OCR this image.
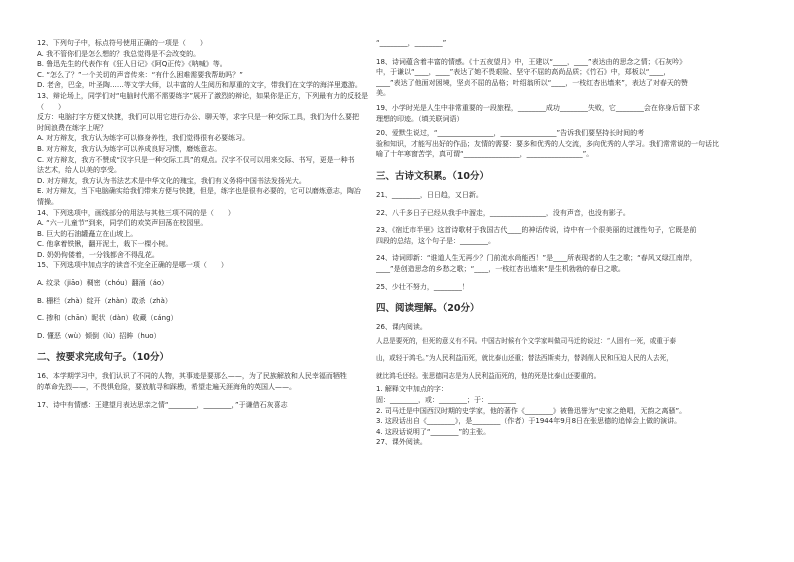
12、下列句子中，标点符号使用正确的一项是（　　）
A. 我不管你们是怎么想的？我总觉得是不会改变的。
B. 鲁迅先生的代表作有《狂人日记》《阿Q正传》《呐喊》等。
C. “怎么了？”一个关切的声音传来：“有什么困难需要我帮助吗？”
D. 老舍，巴金，叶圣陶……等文学大师，以丰富的人生阅历和厚重的文字，带我们在文学的海洋里遨游。
13、辩论场上，同学们对“电脑时代需不需要练字”展开了激烈的辩论，如果你是正方，下列最有力的反驳是
（　　）
反方：电脑打字方便又快捷，我们可以用它进行办公、聊天等，求字只是一种交际工具，我们为什么要把
时间浪费在练字上呢？
A. 对方辩友，我方认为练字可以修身养性，我们觉得很有必要练习。
B. 对方辩友，我方认为练字可以养成良好习惯，磨炼意志。
C. 对方辩友，我方不赞成“汉字只是一种交际工具”的观点。汉字不仅可以用来交际、书写，更是一种书
法艺术，给人以美的享受。
D. 对方辩友，我方认为书法艺术是中华文化的瑰宝，我们有义务将中国书法发扬光大。
E. 对方辩友，当下电脑确实给我们带来方便与快捷，但是，练字也是很有必要的，它可以磨炼意志，陶冶
情操。
14、下列选项中，画线部分的用法与其他三项不同的是（　　）
A. “六一儿童节”到来，同学们的欢笑声回荡在校园里。
B. 巨大的石油罐矗立在山坡上。
C. 他拿着铁锹，翻开泥土，栽下一棵小树。
D. 奶奶佝偻着，一分钱都舍不得乱花。
15、下列选项中加点字的读音不完全正确的是哪一项（　　）
A. 纹录（jiāo）稠密（chóu）翻涌（áo）
B. 栅栏（zhà）绽开（zhàn）敢杀（zhà）
C. 掺和（chān）昵状（dàn）收藏（cáng）
D. 懂恶（wù）倾倒（lù）招眸（huo）
二、按要求完成句子。（10分）
16、本学期学习中，我们认识了不同的人物，其事迹是要那么——，为了民族解放和人民幸福而牺牲
的革命先烈——，不畏惧危险，要放航寻和踩勘，希望走遍天涯海角的英国人——。
17、诗中有情感：王建望月表达思亲之情“________，________，”于谦借石灰喜志
“________，________”
18、诗词蕴含着丰富的情感。《十五夜望月》中，王建以“____，____”表达由的思念之情；《石灰吟》
中，于谦以“____，____”表达了她不畏艰险、坚守不屈的高尚品质；《竹石》中，郑板以“____，
____”表达了他面对困境，坚贞不屈的品格；叶绍翁所以“____，一枝红杏出墙来”，表达了对春天的赞
美。
19、小学时光是人生中非常重要的一段旅程，________成功________失败，它________会在你身后留下求
理想的印迹。（填关联词语）
20、爱默生说过，“________________，________________”告诉我们要坚持长时间的考
验和知识，才能写出好的作品；友情的需要：要多和优秀的人交流，多向优秀的人学习。我们常常说的一句话比
喻了十年寒窗苦学，真可谓“________________，________________”。
三、古诗文积累。（10分）
21、________，日日趋，又日新。
22、八千多日子已经从我手中溜走，________________，没有声音，也没有影子。
23、《宿迁市半里》这首诗歌材于我国古代____的神话传说，诗中有一个很美丽的过渡性句子，它既是前
四段的总结，这个句子是：________。
24、诗词即新：“谁道人生无再少？门前流水尚能西！”是____所表现者的人生之歌；“春风又绿江南岸，
____”是创造思念的乡愁之歌；“____，一枝红杏出墙来”是生机勃勃的春日之歌。
25、少壮不努力，________！
四、阅读理解。（20分）
26、课内阅读。
人总是要死的，但死的意义有不同。中国古时候有个文学家叫做司马迁的说过：“人固有一死，或重于泰
山，或轻于鸿毛。”为人民利益而死，就比泰山还重；替法西斯卖力，替剥削人民和压迫人民的人去死，
就比鸿毛还轻。张思德同志是为人民利益而死的，他的死是比泰山还要重的。
1. 解释文中加点的字：
固：________，或：________；于：________
2. 司马迁是中国西汉时期的史学家，他的著作《________》被鲁迅誉为“史家之绝唱，无韵之离骚”。
3. 这段话出自《________》，是________（作者）于1944年9月8日在张思德的追悼会上做的演讲。
4. 这段话说明了“________”的主张。
27、课外阅读。
